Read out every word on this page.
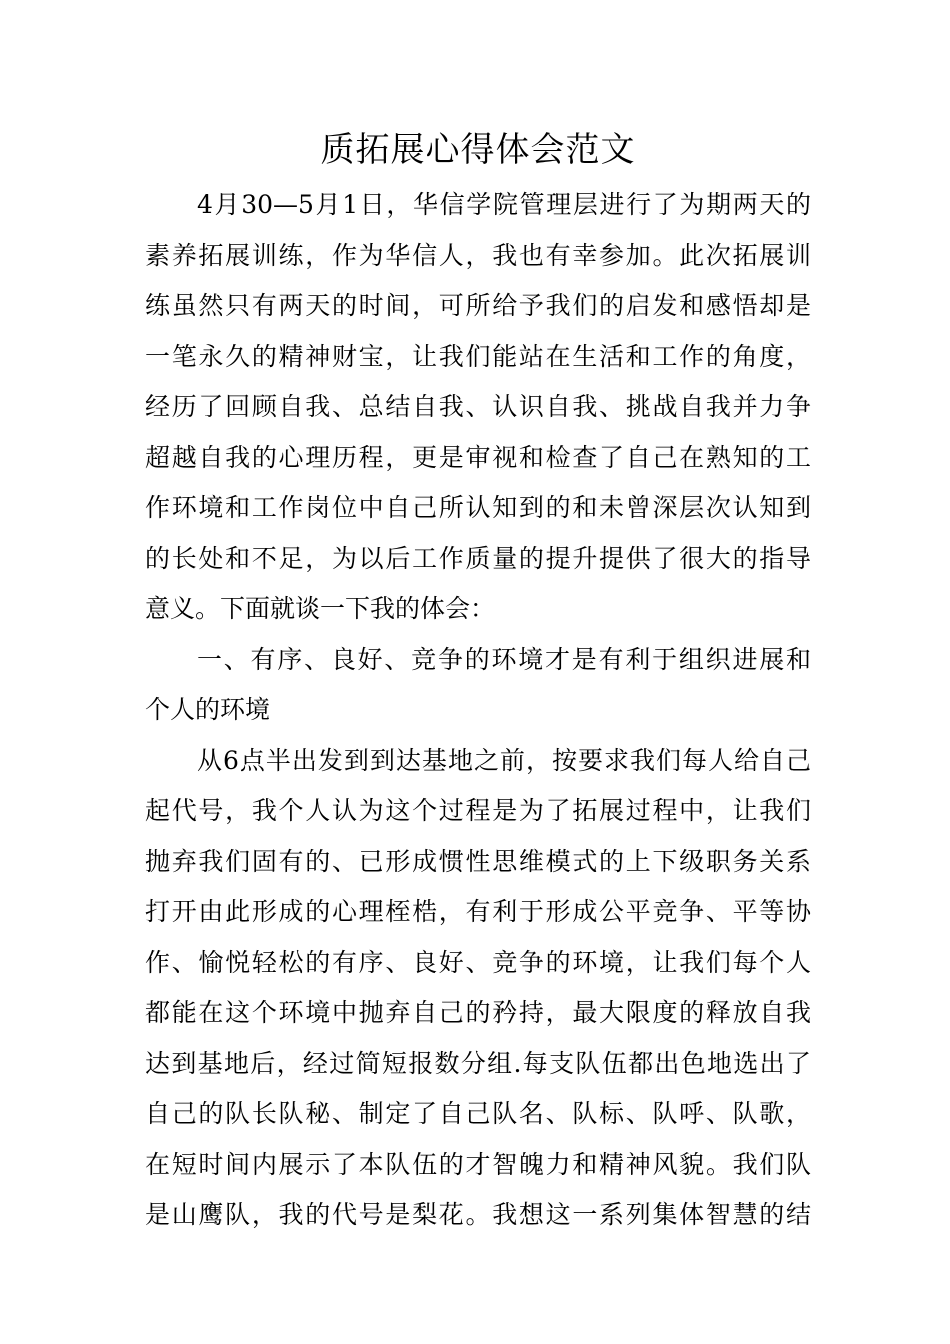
质拓展心得体会范文
4月30—5月1日，华信学院管理层进行了为期两天的
素养拓展训练，作为华信人，我也有幸参加。此次拓展训
练虽然只有两天的时间，可所给予我们的启发和感悟却是
一笔永久的精神财宝，让我们能站在生活和工作的角度，
经历了回顾自我、总结自我、认识自我、挑战自我并力争
超越自我的心理历程，更是审视和检查了自己在熟知的工
作环境和工作岗位中自己所认知到的和未曾深层次认知到
的长处和不足，为以后工作质量的提升提供了很大的指导
意义。下面就谈一下我的体会：
一、有序、良好、竞争的环境才是有利于组织进展和
个人的环境
从6点半出发到到达基地之前，按要求我们每人给自己
起代号，我个人认为这个过程是为了拓展过程中，让我们
抛弃我们固有的、已形成惯性思维模式的上下级职务关系
打开由此形成的心理桎梏，有利于形成公平竞争、平等协
作、愉悦轻松的有序、良好、竞争的环境，让我们每个人
都能在这个环境中抛弃自己的矜持，最大限度的释放自我
达到基地后，经过简短报数分组.每支队伍都出色地选出了
自己的队长队秘、制定了自己队名、队标、队呼、队歌，
在短时间内展示了本队伍的才智魄力和精神风貌。我们队
是山鹰队，我的代号是梨花。我想这一系列集体智慧的结
